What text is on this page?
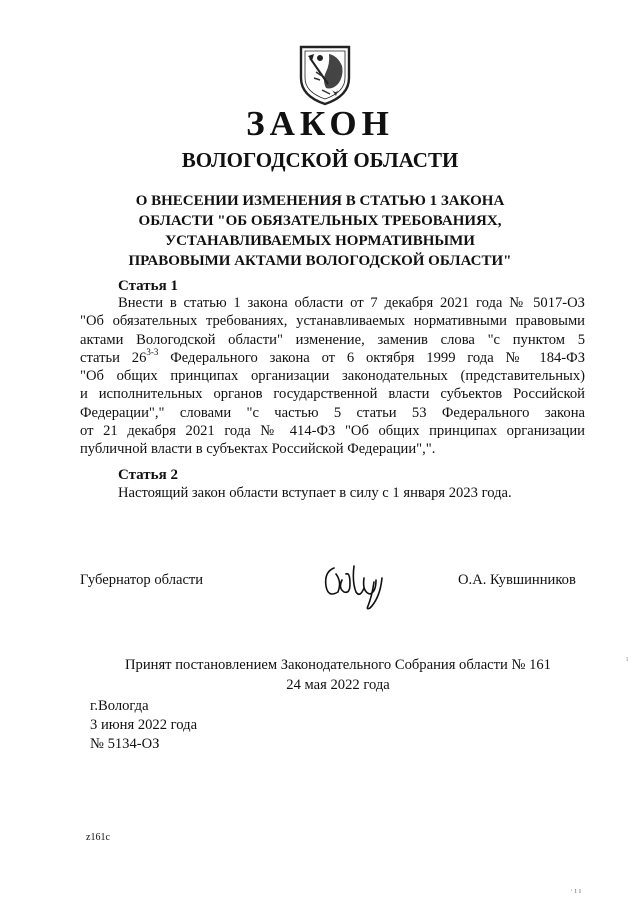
ЗАКОН
ВОЛОГОДСКОЙ ОБЛАСТИ
О ВНЕСЕНИИ ИЗМЕНЕНИЯ В СТАТЬЮ 1 ЗАКОНА
ОБЛАСТИ "ОБ ОБЯЗАТЕЛЬНЫХ ТРЕБОВАНИЯХ,
УСТАНАВЛИВАЕМЫХ НОРМАТИВНЫМИ
ПРАВОВЫМИ АКТАМИ ВОЛОГОДСКОЙ ОБЛАСТИ"
Статья 1
Внести в статью 1 закона области от 7 декабря 2021 года № 5017-ОЗ
"Об обязательных требованиях, устанавливаемых нормативными правовыми
актами Вологодской области" изменение, заменив слова "с пунктом 5
статьи 26$^{3-3}$ Федерального закона от 6 октября 1999 года № 184-ФЗ
"Об общих принципах организации законодательных (представительных)
и исполнительных органов государственной власти субъектов Российской
Федерации"," словами "с частью 5 статьи 53 Федерального закона
от 21 декабря 2021 года № 414-ФЗ "Об общих принципах организации
публичной власти в субъектах Российской Федерации",".
Статья 2
Настоящий закон области вступает в силу с 1 января 2023 года.
Губернатор области	О.А. Кувшинников
Принят постановлением Законодательного Собрания области № 161
24 мая 2022 года
г.Вологда
3 июня 2022 года
№ 5134-ОЗ
z161c
· ı ı
ı
